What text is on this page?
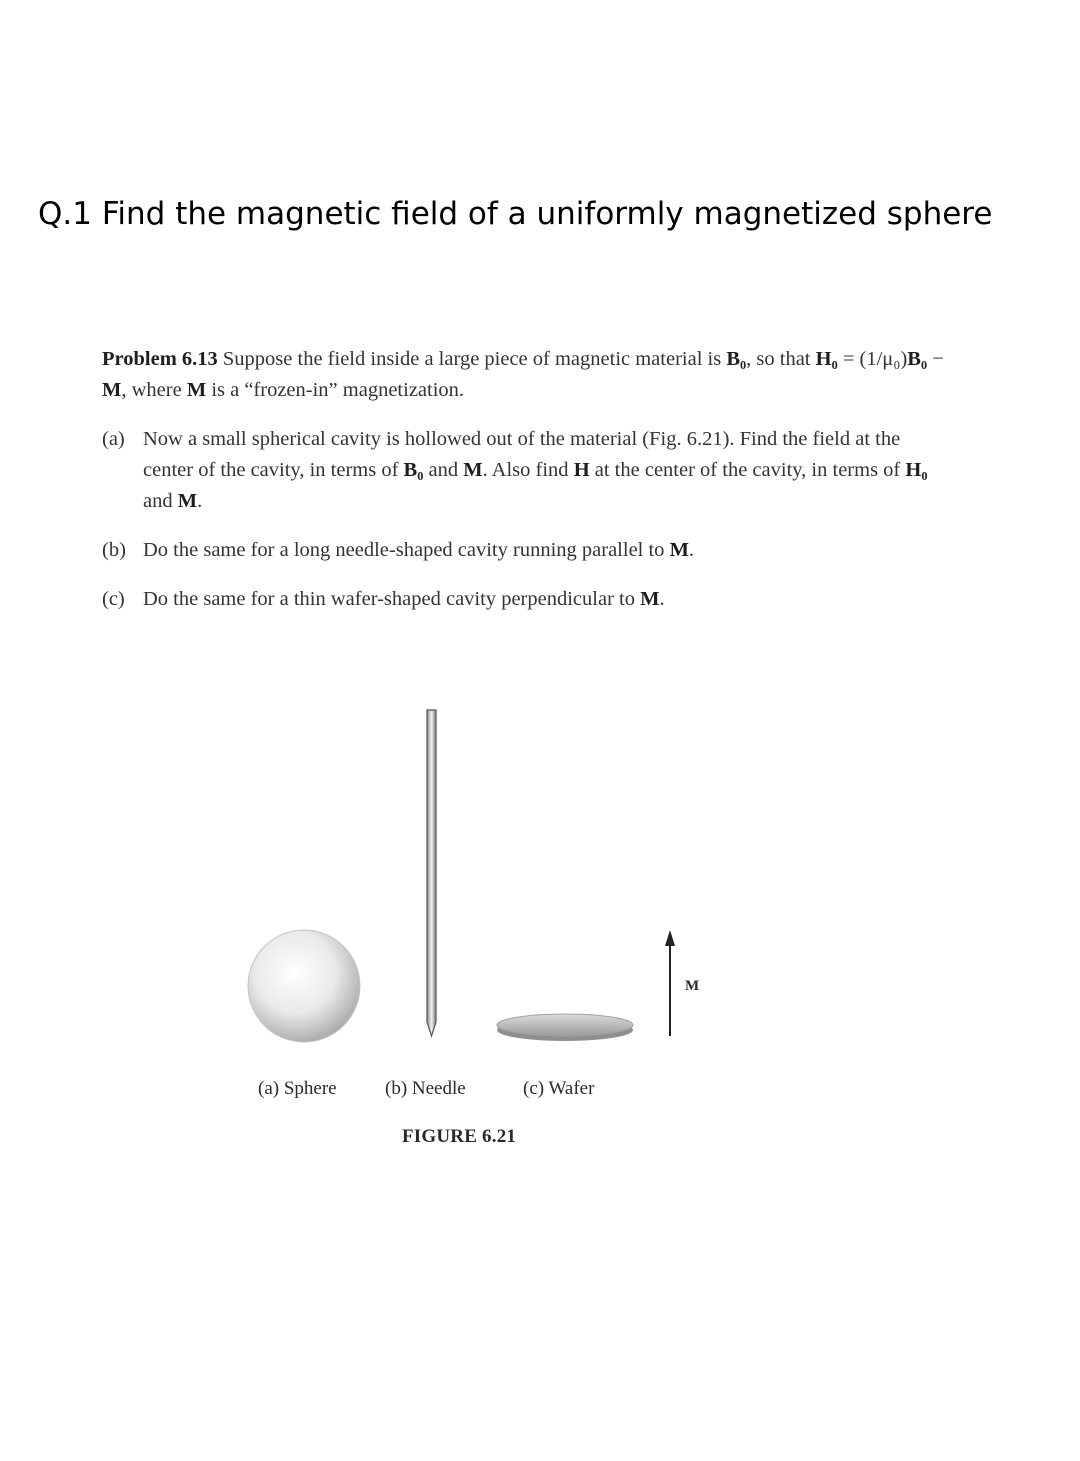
Q.1 Find the magnetic field of a uniformly magnetized sphere

Problem 6.13 Suppose the field inside a large piece of magnetic material is B₀, so that H₀ = (1/μ₀)B₀ − M, where M is a “frozen-in” magnetization.

(a) Now a small spherical cavity is hollowed out of the material (Fig. 6.21). Find the field at the center of the cavity, in terms of B₀ and M. Also find H at the center of the cavity, in terms of H₀ and M.

(b) Do the same for a long needle-shaped cavity running parallel to M.

(c) Do the same for a thin wafer-shaped cavity perpendicular to M.

M
(a) Sphere	(b) Needle	(c) Wafer
FIGURE 6.21
